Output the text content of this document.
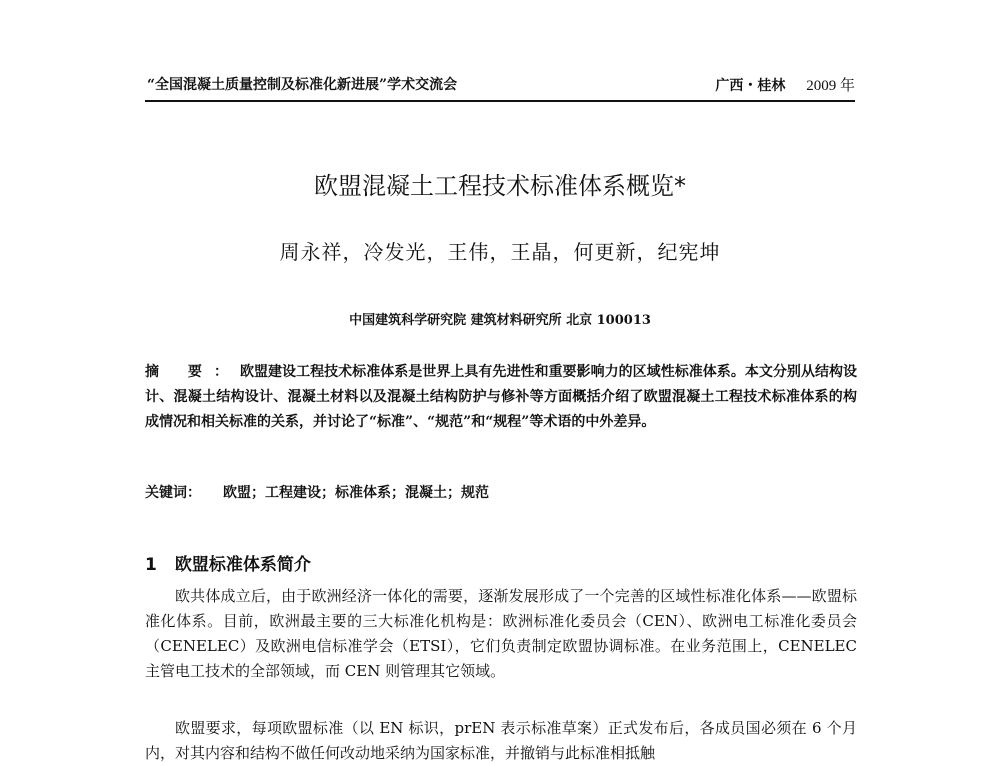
“全国混凝土质量控制及标准化新进展”学术交流会	广西・桂林 2009 年
欧盟混凝土工程技术标准体系概览*
周永祥，冷发光，王伟，王晶，何更新，纪宪坤
中国建筑科学研究院 建筑材料研究所 北京 100013
摘 要：欧盟建设工程技术标准体系是世界上具有先进性和重要影响力的区域性标准体系。本文分别从结构设计、混凝土结构设计、混凝土材料以及混凝土结构防护与修补等方面概括介绍了欧盟混凝土工程技术标准体系的构成情况和相关标准的关系，并讨论了“标准”、“规范”和“规程”等术语的中外差异。
关键词： 欧盟；工程建设；标准体系；混凝土；规范
1 欧盟标准体系简介

欧共体成立后，由于欧洲经济一体化的需要，逐渐发展形成了一个完善的区域性标准化体系——欧盟标准化体系。目前，欧洲最主要的三大标准化机构是：欧洲标准化委员会（CEN）、欧洲电工标准化委员会（CENELEC）及欧洲电信标准学会（ETSI），它们负责制定欧盟协调标准。在业务范围上，CENELEC 主管电工技术的全部领域，而 CEN 则管理其它领域。

欧盟要求，每项欧盟标准（以 EN 标识，prEN 表示标准草案）正式发布后，各成员国必须在 6 个月内，对其内容和结构不做任何改动地采纳为国家标准，并撤销与此标准相抵触
